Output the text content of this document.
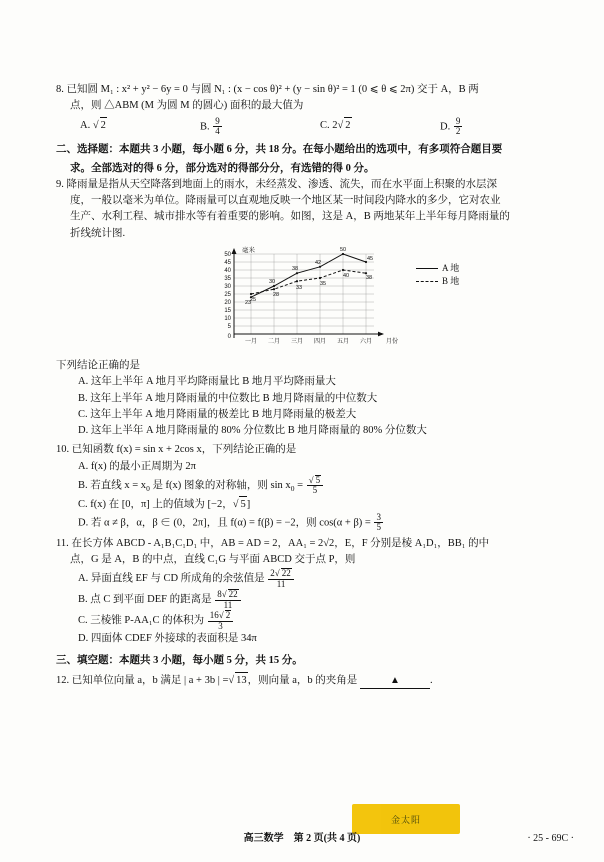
8. 已知圆 M₁ : x² + y² − 6y = 0 与圆 N₁ : (x − cos θ)² + (y − sin θ)² = 1 (0 ⩽ θ ⩽ 2π) 交于 A，B 两
点，则 △ABM (M 为圆 M 的圆心) 面积的最大值为
A. √ 2	B. $\frac{9}{4}$	C. 2 √ 2	D. $\frac{9}{2}$
二、选择题：本题共 3 小题，每小题 6 分，共 18 分。在每小题给出的选项中，有多项符合题目要
求。全部选对的得 6 分，部分选对的得部分分，有选错的得 0 分。
9. 降雨量是指从天空降落到地面上的雨水，未经蒸发、渗透、流失，而在水平面上积聚的水层深
度，一般以毫米为单位。降雨量可以直观地反映一个地区某一时间段内降水的多少，它对农业
生产、水利工程、城市排水等有着重要的影响。如图，这是 A，B 两地某年上半年每月降雨量的
折线统计图.
50
45
40
35
30
25
20
15
10
5
0
一月 二月 三月 四月 五月 六月 月份
毫米
23
30
38
42
50
45
25
28
33
35
40	38
A 地
B 地
下列结论正确的是
A. 这年上半年 A 地月平均降雨量比 B 地月平均降雨量大
B. 这年上半年 A 地月降雨量的中位数比 B 地月降雨量的中位数大
C. 这年上半年 A 地月降雨量的极差比 B 地月降雨量的极差大
D. 这年上半年 A 地月降雨量的 80% 分位数比 B 地月降雨量的 80% 分位数大
10. 已知函数 f(x) = sin x + 2cos x，下列结论正确的是
A. f(x) 的最小正周期为 2π
B. 若直线 $x = x_0$ 是 f(x) 图象的对称轴，则 $\sin x_0$ = √ $\frac{5}{5}$
C. f(x) 在 [0，π] 上的值域为 [−2， √ 5]
D. 若 α ≠ β，α，β ∈ (0，2π]，且 f(α) = f(β) = −2，则 $\cos(\alpha + \beta) = \frac{3}{5}$
11. 在长方体 ABCD - A₁B₁C₁D₁ 中，AB = AD = 2，AA₁ = 2√2，E，F 分别是棱 A₁D₁，BB₁ 的中
点，G 是 A，B 的中点，直线 C₁G 与平面 ABCD 交于点 P，则
A. 异面直线 EF 与 CD 所成角的余弦值是 $\frac{2 √ 22}{11}$
B. 点 C 到平面 DEF 的距离是 $\frac{8 √ 22}{11}$
C. 三棱锥 P-AA₁C 的体积为 $\frac{16 √ 2}{3}$
D. 四面体 CDEF 外接球的表面积是 34π
三、填空题：本题共 3 小题，每小题 5 分，共 15 分。
12. 已知单位向量 a，b 满足 | a + 3b | = √ 13，则向量 a，b 的夹角是	▲	.
金太阳
高三数学　第 2 页(共 4 页)	· 25 - 69C ·
